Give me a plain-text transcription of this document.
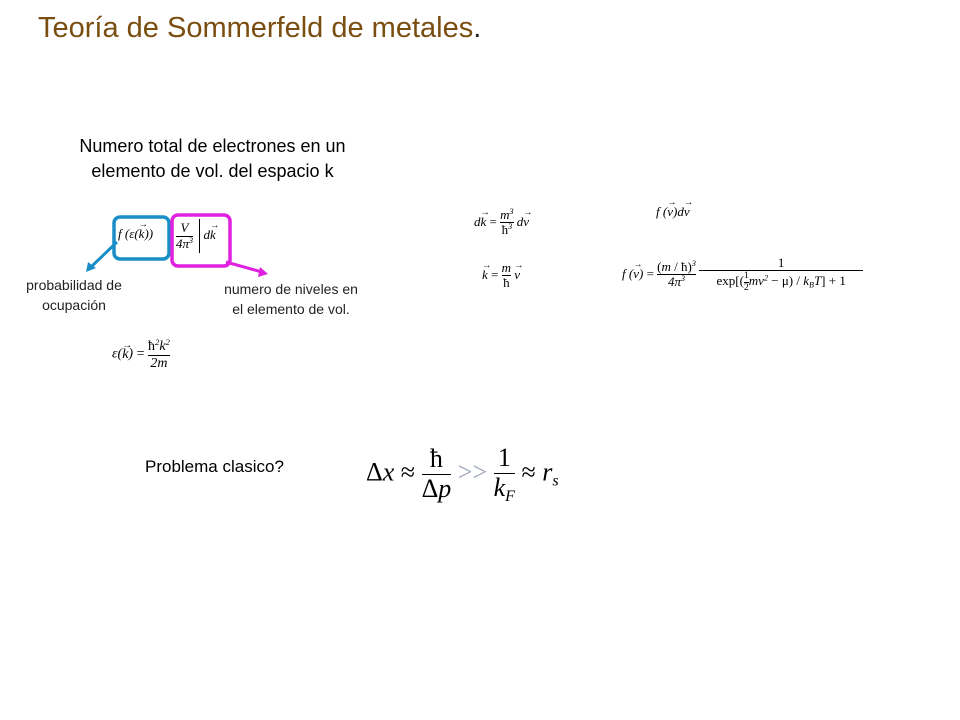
Teoría de Sommerfeld de metales.
Numero total de electrones en un
elemento de vol. del espacio k
f $(\varepsilon(\to k)) \frac{V}{4\pi^3} d\to k$
probabilidad de
ocupación
numero de niveles en
el elemento de vol.
$\varepsilon(\to k) = \frac{ħ^2k^2}{2m}$
$d\to k = \frac{m^3}{ħ^3} d\to v$
→ $k = \frac{m}{ħ}$
→ v
f (→ v)d→ v
f (→ $v) = \frac{(m / ħ)^3}{4\pi^3}$
$\frac{1}{\exp[( \frac{1}{2} mv^2 - \mu) / k_BT] + 1}$
Problema clasico?	$\Delta x \approx \frac{ħ}{\Delta p} >> \frac{1}{k_F} \approx r_s$
